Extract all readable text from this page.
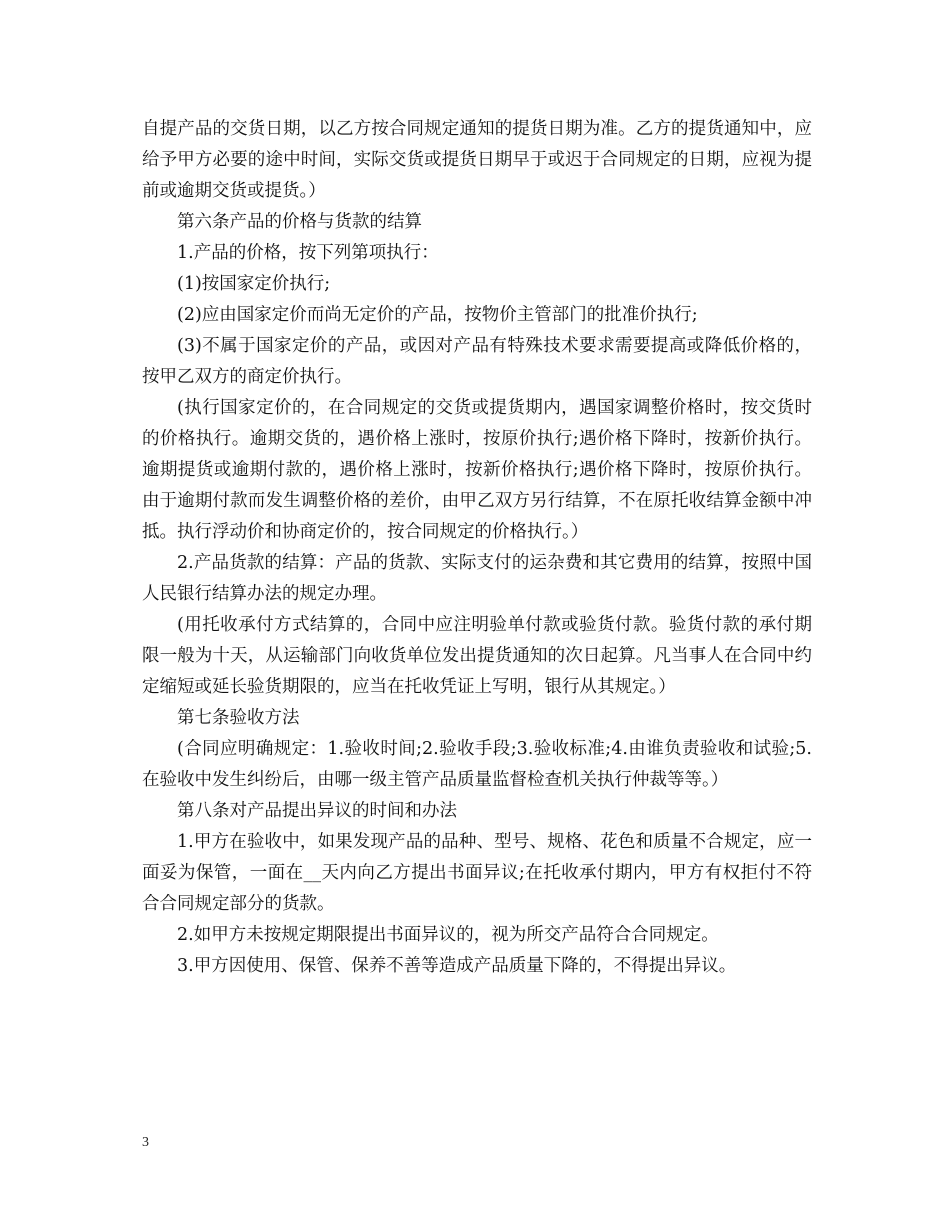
自提产品的交货日期，以乙方按合同规定通知的提货日期为准。乙方的提货通知中，应给予甲方必要的途中时间，实际交货或提货日期早于或迟于合同规定的日期，应视为提前或逾期交货或提货。）

第六条产品的价格与货款的结算

1.产品的价格，按下列第项执行：

(1)按国家定价执行;

(2)应由国家定价而尚无定价的产品，按物价主管部门的批准价执行;

(3)不属于国家定价的产品，或因对产品有特殊技术要求需要提高或降低价格的，按甲乙双方的商定价执行。

(执行国家定价的，在合同规定的交货或提货期内，遇国家调整价格时，按交货时的价格执行。逾期交货的，遇价格上涨时，按原价执行;遇价格下降时，按新价执行。逾期提货或逾期付款的，遇价格上涨时，按新价格执行;遇价格下降时，按原价执行。由于逾期付款而发生调整价格的差价，由甲乙双方另行结算，不在原托收结算金额中冲抵。执行浮动价和协商定价的，按合同规定的价格执行。）

2.产品货款的结算：产品的货款、实际支付的运杂费和其它费用的结算，按照中国人民银行结算办法的规定办理。

(用托收承付方式结算的，合同中应注明验单付款或验货付款。验货付款的承付期限一般为十天，从运输部门向收货单位发出提货通知的次日起算。凡当事人在合同中约定缩短或延长验货期限的，应当在托收凭证上写明，银行从其规定。）

第七条验收方法

(合同应明确规定：1.验收时间;2.验收手段;3.验收标准;4.由谁负责验收和试验;5.在验收中发生纠纷后，由哪一级主管产品质量监督检查机关执行仲裁等等。）

第八条对产品提出异议的时间和办法

1.甲方在验收中，如果发现产品的品种、型号、规格、花色和质量不合规定，应一面妥为保管，一面在__天内向乙方提出书面异议;在托收承付期内，甲方有权拒付不符合合同规定部分的货款。

2.如甲方未按规定期限提出书面异议的，视为所交产品符合合同规定。

3.甲方因使用、保管、保养不善等造成产品质量下降的，不得提出异议。

3
